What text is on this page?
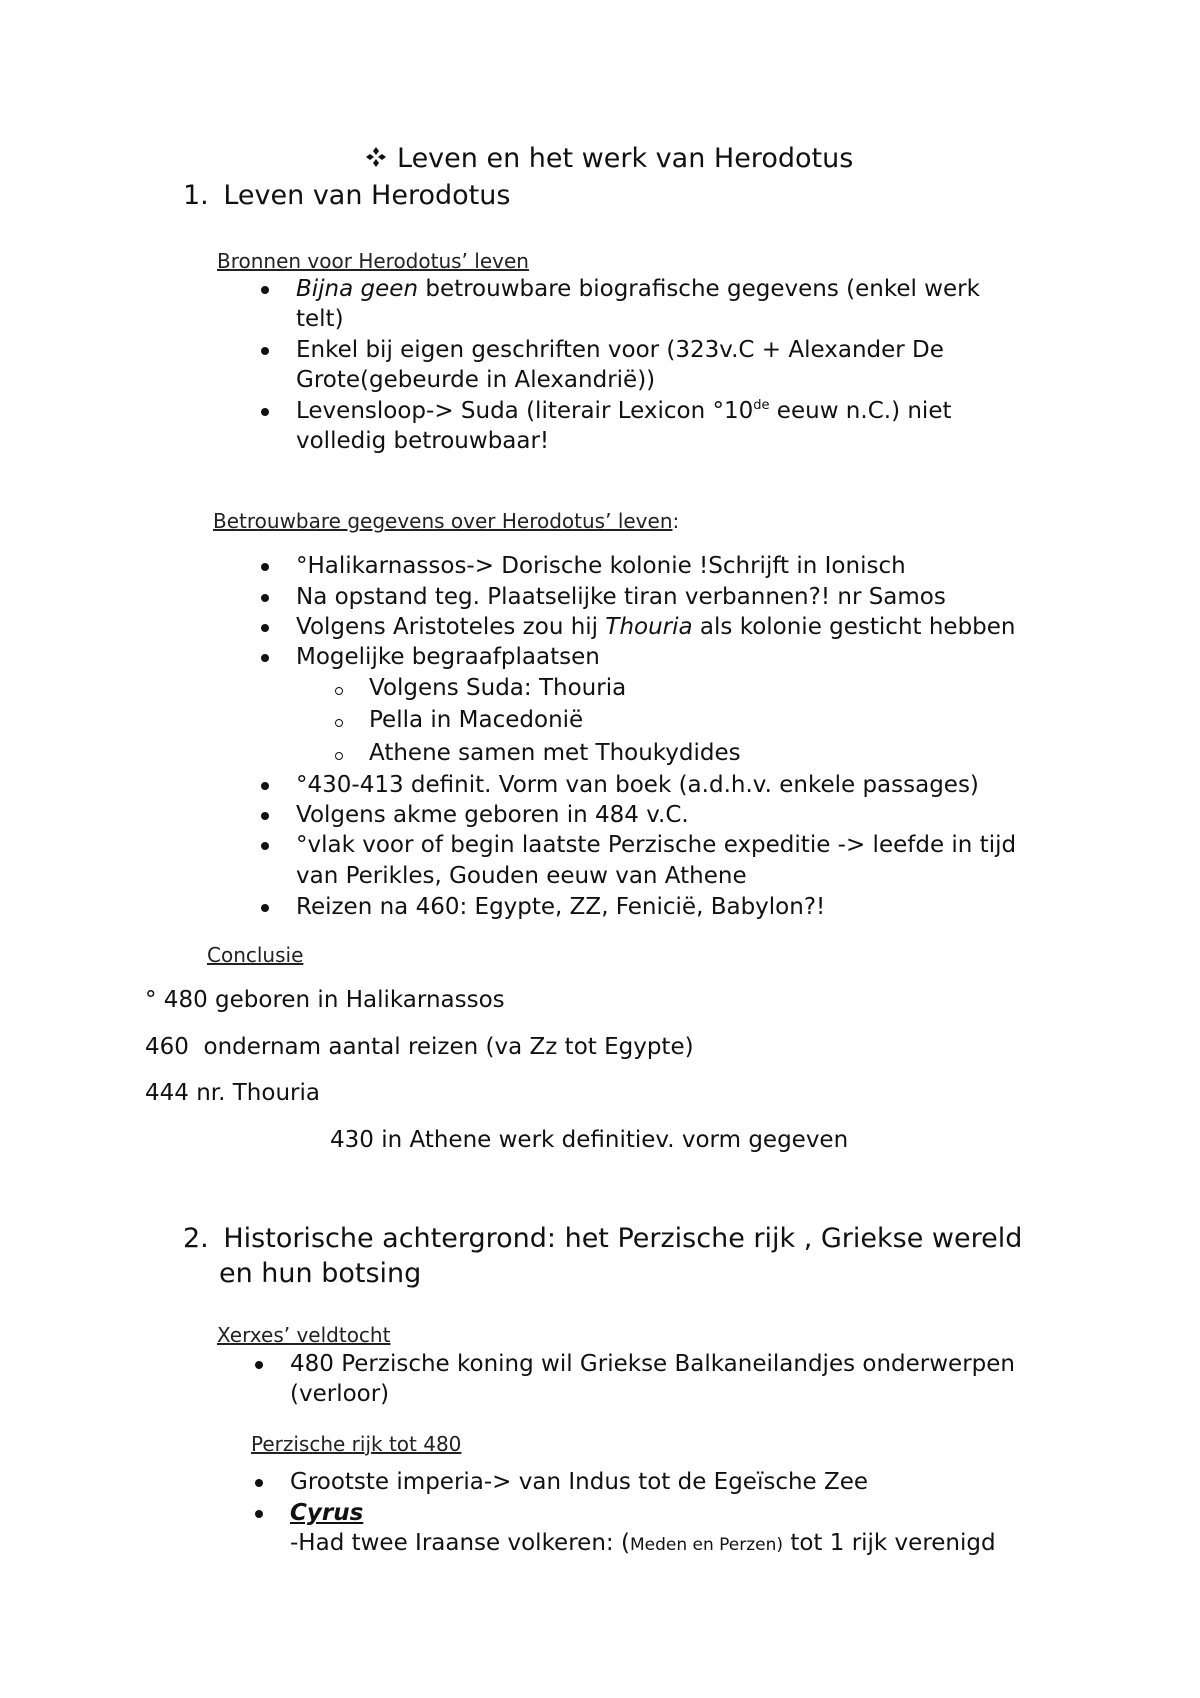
Leven en het werk van Herodotus
1. Leven van Herodotus
Bronnen voor Herodotus’ leven
Bijna geen betrouwbare biografische gegevens (enkel werk
telt)
Enkel bij eigen geschriften voor (323v.C + Alexander De
Grote(gebeurde in Alexandrië))
Levensloop-> Suda (literair Lexicon °10de eeuw n.C.) niet
volledig betrouwbaar!
Betrouwbare gegevens over Herodotus’ leven:
°Halikarnassos-> Dorische kolonie !Schrijft in Ionisch
Na opstand teg. Plaatselijke tiran verbannen?! nr Samos
Volgens Aristoteles zou hij Thouria als kolonie gesticht hebben
Mogelijke begraafplaatsen
Volgens Suda: Thouria
Pella in Macedonië
Athene samen met Thoukydides
°430-413 definit. Vorm van boek (a.d.h.v. enkele passages)
Volgens akme geboren in 484 v.C.
°vlak voor of begin laatste Perzische expeditie -> leefde in tijd
van Perikles, Gouden eeuw van Athene
Reizen na 460: Egypte, ZZ, Fenicië, Babylon?!
Conclusie
° 480 geboren in Halikarnassos
460  ondernam aantal reizen (va Zz tot Egypte)
444 nr. Thouria
430 in Athene werk definitiev. vorm gegeven
2. Historische achtergrond: het Perzische rijk , Griekse wereld
en hun botsing
Xerxes’ veldtocht
480 Perzische koning wil Griekse Balkaneilandjes onderwerpen
(verloor)
Perzische rijk tot 480
Grootste imperia-> van Indus tot de Egeïsche Zee
Cyrus
-Had twee Iraanse volkeren: (Meden en Perzen) tot 1 rijk verenigd
